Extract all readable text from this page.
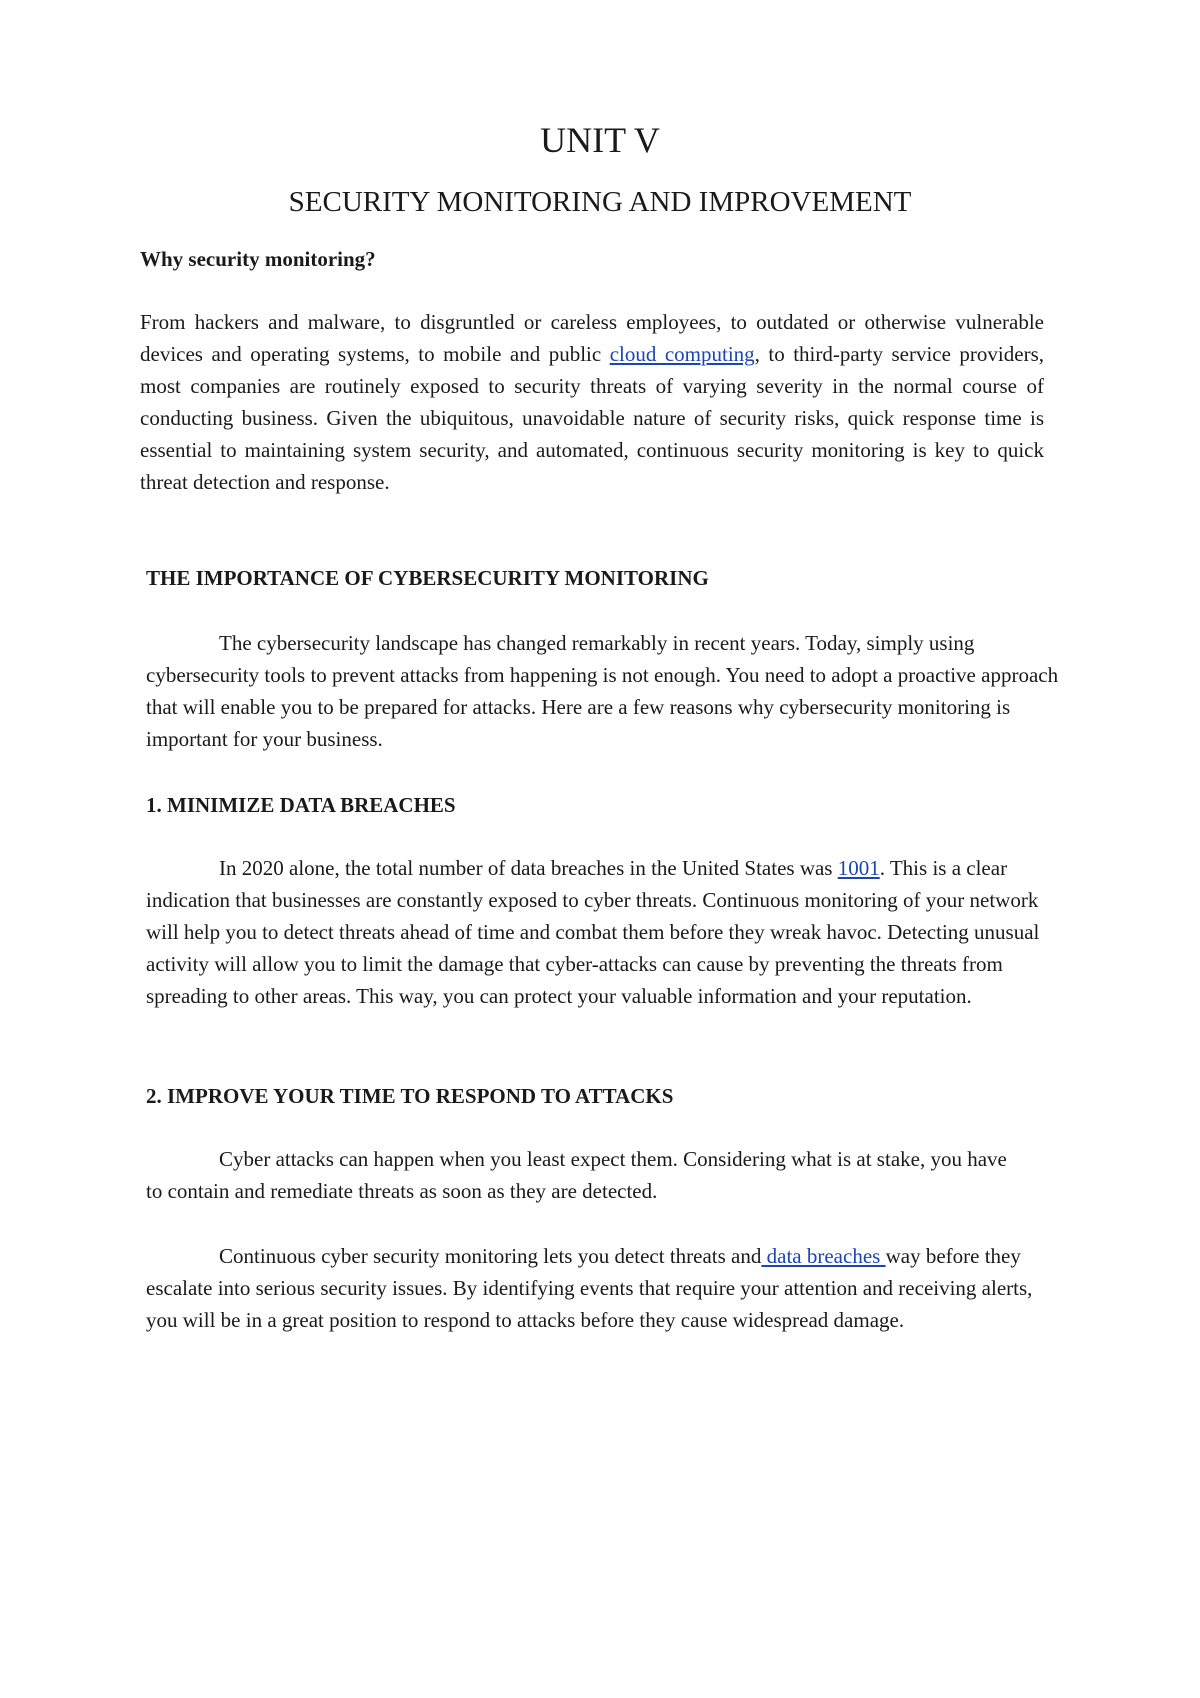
UNIT V
SECURITY MONITORING AND IMPROVEMENT

Why security monitoring?

From hackers and malware, to disgruntled or careless employees, to outdated or otherwise vulnerable devices and operating systems, to mobile and public cloud computing, to third-party service providers, most companies are routinely exposed to security threats of varying severity in the normal course of conducting business. Given the ubiquitous, unavoidable nature of security risks, quick response time is essential to maintaining system security, and automated, continuous security monitoring is key to quick threat detection and response.

THE IMPORTANCE OF CYBERSECURITY MONITORING

The cybersecurity landscape has changed remarkably in recent years. Today, simply using cybersecurity tools to prevent attacks from happening is not enough. You need to adopt a proactive approach that will enable you to be prepared for attacks. Here are a few reasons why cybersecurity monitoring is important for your business.

1. MINIMIZE DATA BREACHES

In 2020 alone, the total number of data breaches in the United States was 1001. This is a clear indication that businesses are constantly exposed to cyber threats. Continuous monitoring of your network will help you to detect threats ahead of time and combat them before they wreak havoc. Detecting unusual activity will allow you to limit the damage that cyber-attacks can cause by preventing the threats from spreading to other areas. This way, you can protect your valuable information and your reputation.

2. IMPROVE YOUR TIME TO RESPOND TO ATTACKS

Cyber attacks can happen when you least expect them. Considering what is at stake, you have to contain and remediate threats as soon as they are detected.

Continuous cyber security monitoring lets you detect threats and data breaches way before they escalate into serious security issues. By identifying events that require your attention and receiving alerts, you will be in a great position to respond to attacks before they cause widespread damage.
